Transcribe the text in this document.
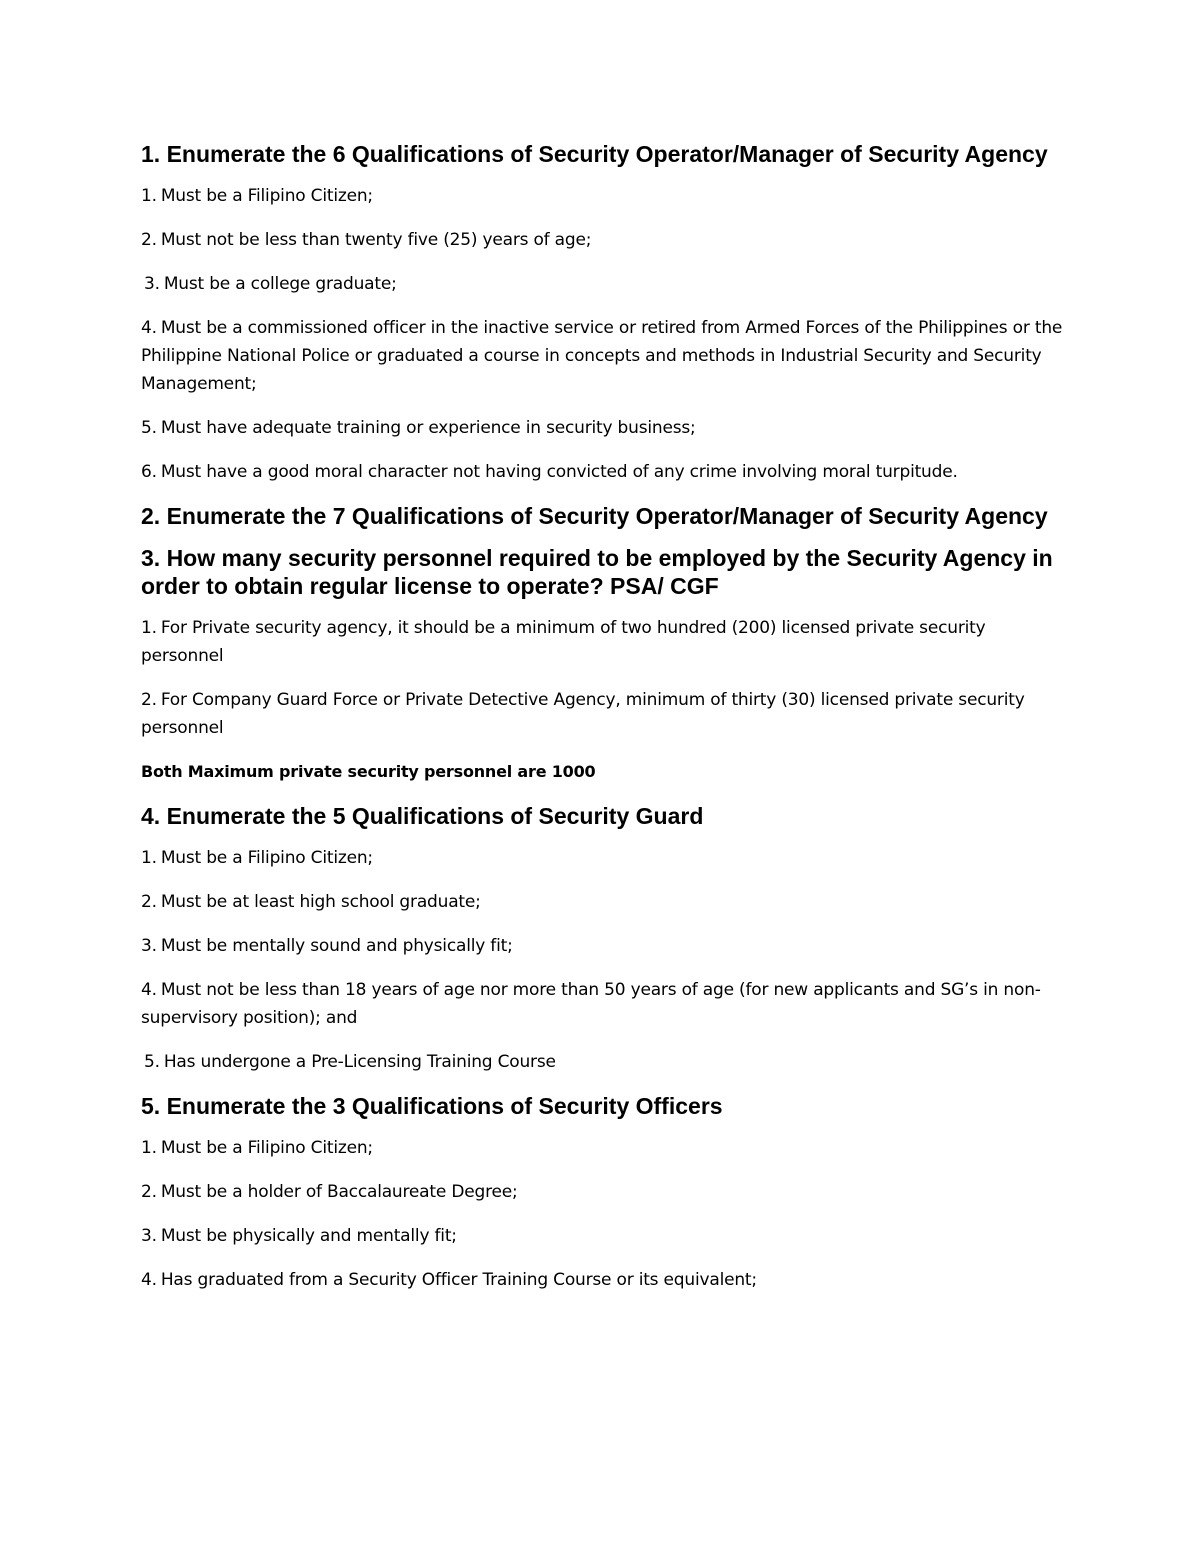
1. Enumerate the 6 Qualifications of Security Operator/Manager of Security Agency
1. Must be a Filipino Citizen;
2. Must not be less than twenty five (25) years of age;
3. Must be a college graduate;
4. Must be a commissioned officer in the inactive service or retired from Armed Forces of the Philippines or the Philippine National Police or graduated a course in concepts and methods in Industrial Security and Security Management;
5. Must have adequate training or experience in security business;
6. Must have a good moral character not having convicted of any crime involving moral turpitude.
2. Enumerate the 7 Qualifications of Security Operator/Manager of Security Agency
3. How many security personnel required to be employed by the Security Agency in order to obtain regular license to operate? PSA/ CGF
1. For Private security agency, it should be a minimum of two hundred (200) licensed private security personnel
2. For Company Guard Force or Private Detective Agency, minimum of thirty (30) licensed private security personnel
Both Maximum private security personnel are 1000
4. Enumerate the 5 Qualifications of Security Guard
1. Must be a Filipino Citizen;
2. Must be at least high school graduate;
3. Must be mentally sound and physically fit;
4. Must not be less than 18 years of age nor more than 50 years of age (for new applicants and SG’s in non-supervisory position); and
5. Has undergone a Pre-Licensing Training Course
5. Enumerate the 3 Qualifications of Security Officers
1. Must be a Filipino Citizen;
2. Must be a holder of Baccalaureate Degree;
3. Must be physically and mentally fit;
4. Has graduated from a Security Officer Training Course or its equivalent;
